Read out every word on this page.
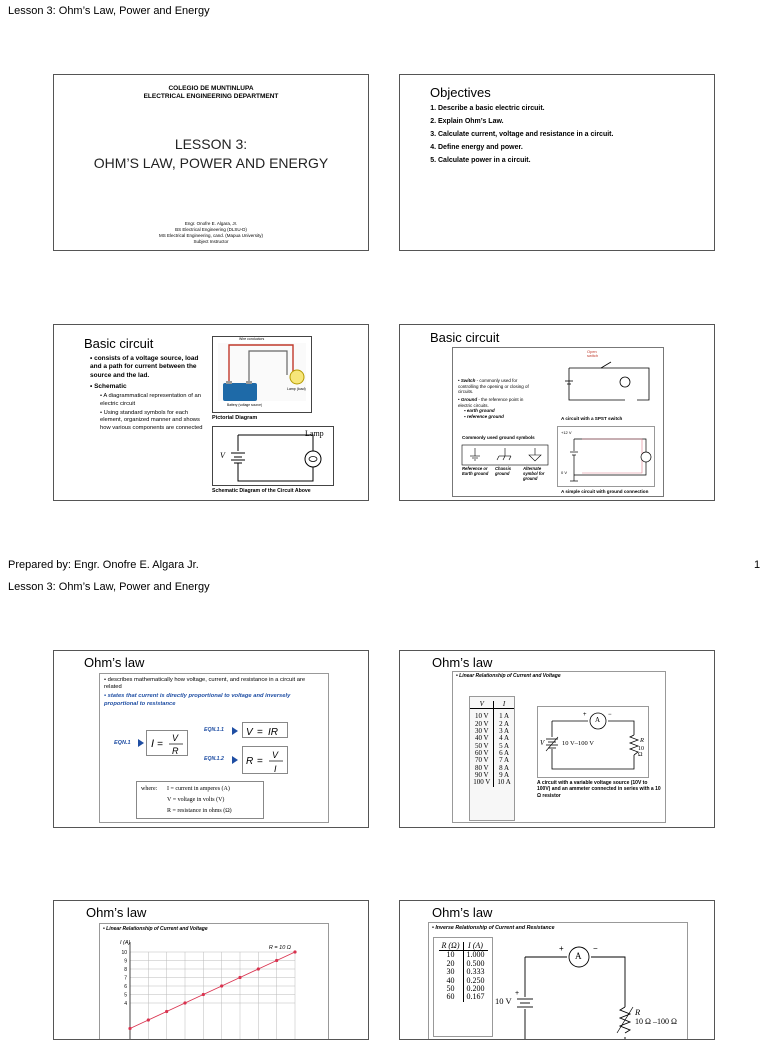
Lesson 3: Ohm’s Law, Power and Energy
COLEGIO DE MUNTINLUPA
ELECTRICAL ENGINEERING DEPARTMENT
LESSON 3:
OHM’S LAW, POWER AND ENERGY
Engr. Onofre E. Algara, Jr.
BS Electrical Engineering (DLSU-D)
MS Electrical Engineering, cand. (Mapua University)
Subject Instructor
Objectives
1. Describe a basic electric circuit.
2. Explain Ohm’s Law.
3. Calculate current, voltage and resistance in a circuit.
4. Define energy and power.
5. Calculate power in a circuit.
Basic circuit
• consists of a voltage source, load and a path for current between the source and the lad.
• Schematic
• A diagrammatical representation of an electric circuit
• Using standard symbols for each element, organized manner and shows how various components are connected
Wire conductors
Lamp (load)
Battery (voltage source)
Pictorial Diagram
Lamp
V
Schematic Diagram of the Circuit Above
Basic circuit
• Switch - commonly used for controlling the opening or closing of circuits.
• Ground - the reference point in electric circuits.
▪ earth ground
▪ reference ground
Open switch
A circuit with a SPST switch
Commonly used ground symbols
Reference or Earth ground
Chassis ground
Alternate symbol for ground
+12 V
0 V
A simple circuit with ground connection
Prepared by: Engr. Onofre E. Algara Jr.	1
Lesson 3: Ohm’s Law, Power and Energy
Ohm’s law
• describes mathematically how voltage, current, and resistance in a circuit are related
• states that current is directly proportional to voltage and inversely proportional to resistance
EQN.1 I =
V
R
EQN.1.1 V = IR
EQN.1.2 R =
V
I
where: I = current in amperes (A)
V = voltage in volts (V)
R = resistance in ohms (Ω)
Ohm’s law
• Linear Relationship of Current and Voltage
V	I

10 V	1 A
20 V	2 A
30 V	3 A
40 V	4 A
50 V	5 A
60 V	6 A
70 V	7 A
80 V	8 A
90 V	9 A
100 V	10 A
+	−
A
V	10 V–100 V	R
10 Ω
A circuit with a variable voltage source (10V to 100V) and an ammeter connected in series with a 10 Ω resistor
Ohm’s law
• Linear Relationship of Current and Voltage
I (A)
10
9
8
7
6
5
4
R = 10 Ω
Ohm’s law
• Inverse Relationship of Current and Resistance
R (Ω)	I (A)
10	1.000
20	0.500
30	0.333
40	0.250
50	0.200
60	0.167
+	−
+
A
10 V
R
10 Ω –100 Ω
